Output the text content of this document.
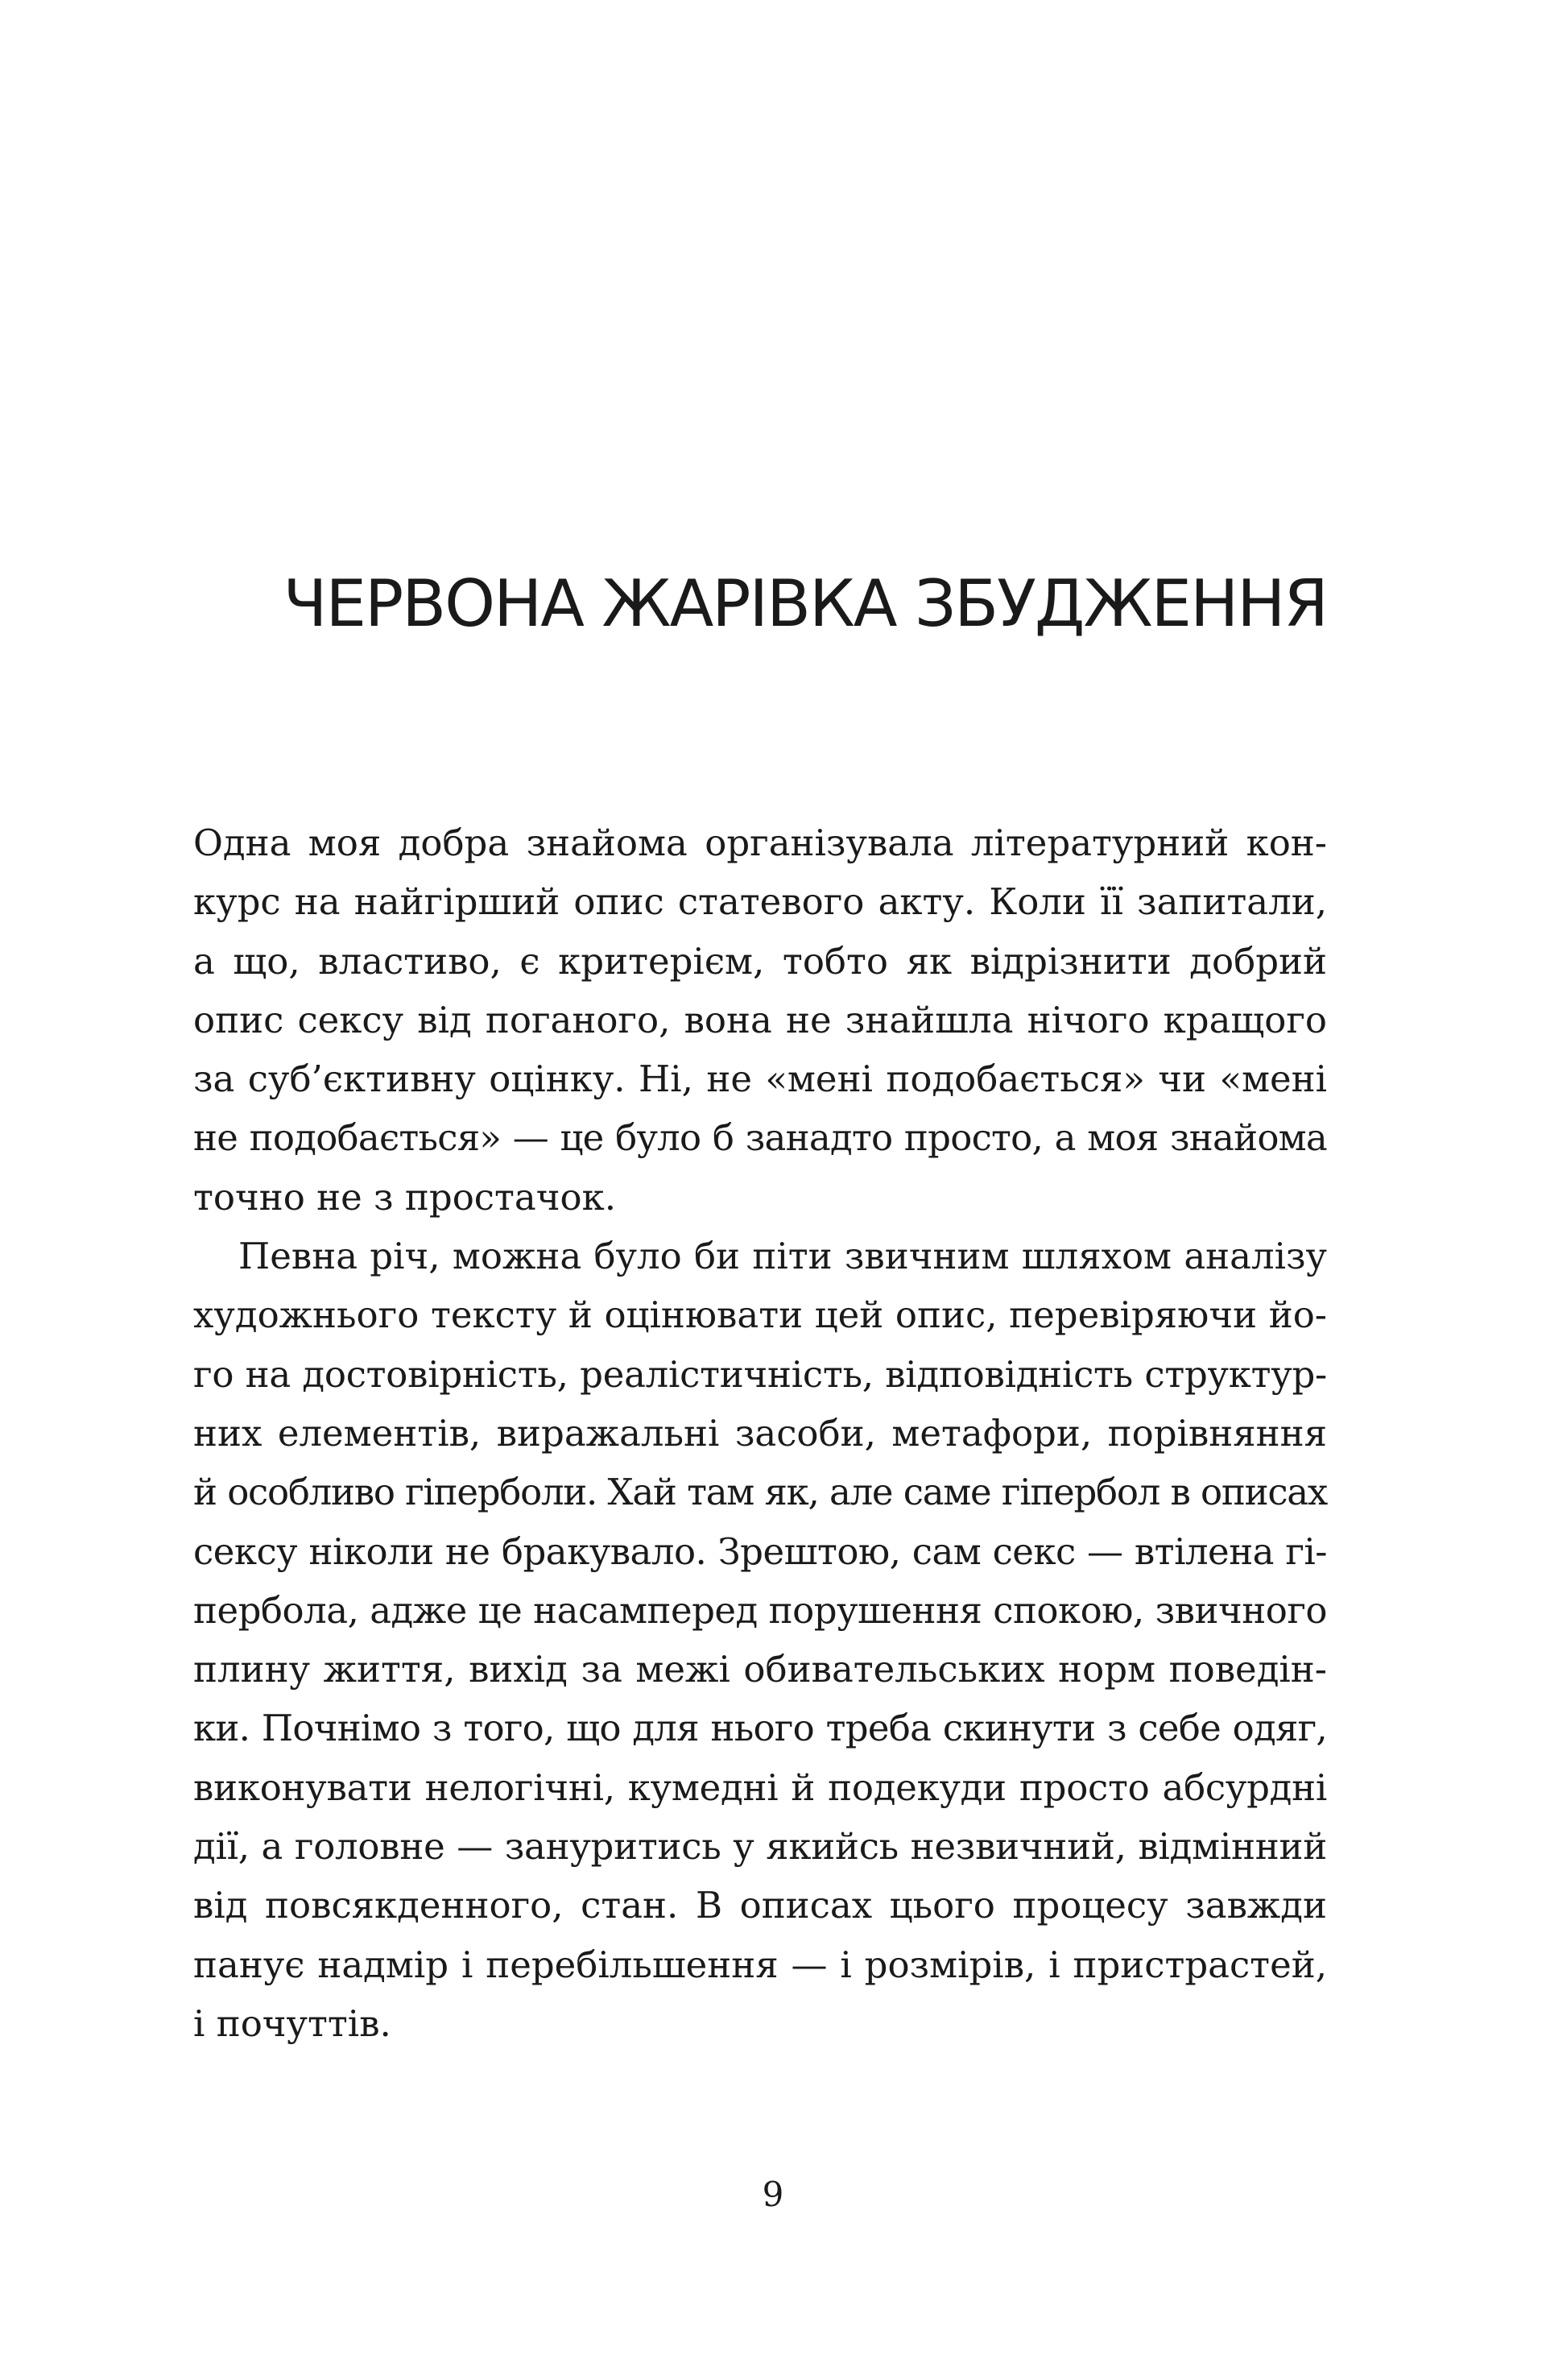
ЧЕРВОНА ЖАРІВКА ЗБУДЖЕННЯ
Одна моя добра знайома організувала літературний кон-
курс на найгірший опис статевого акту. Коли її запитали,
а що, властиво, є критерієм, тобто як відрізнити добрий
опис сексу від поганого, вона не знайшла нічого кращого
за суб’єктивну оцінку. Ні, не «мені подобається» чи «мені
не подобається» — це було б занадто просто, а моя знайома
точно не з простачок.
Певна річ, можна було би піти звичним шляхом аналізу
художнього тексту й оцінювати цей опис, перевіряючи йо-
го на достовірність, реалістичність, відповідність структур-
них елементів, виражальні засоби, метафори, порівняння
й особливо гіперболи. Хай там як, але саме гіпербол в описах
сексу ніколи не бракувало. Зрештою, сам секс — втілена гі-
пербола, адже це насамперед порушення спокою, звичного
плину життя, вихід за межі обивательських норм поведін-
ки. Почнімо з того, що для нього треба скинути з себе одяг,
виконувати нелогічні, кумедні й подекуди просто абсурдні
дії, а головне — зануритись у якийсь незвичний, відмінний
від повсякденного, стан. В описах цього процесу завжди
панує надмір і перебільшення — і розмірів, і пристрастей,
і почуттів.
9
